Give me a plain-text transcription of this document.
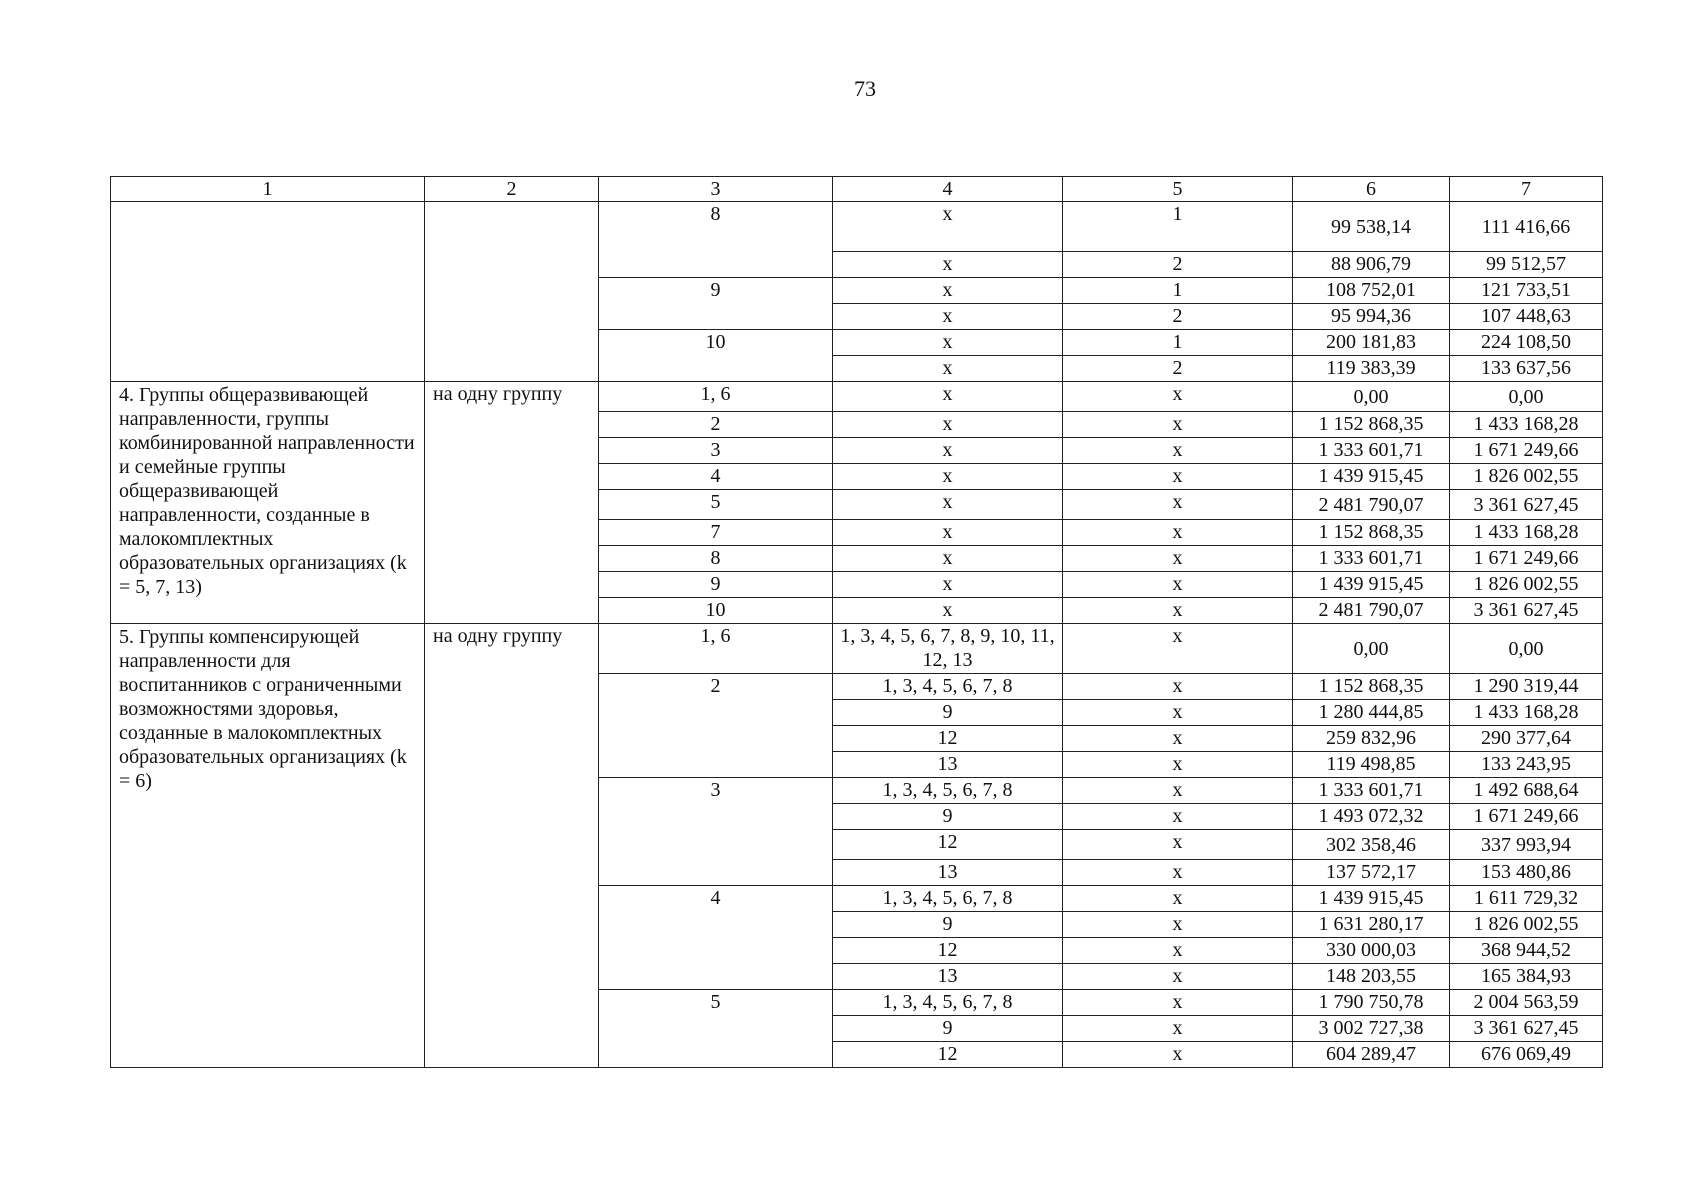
73
1	2	3	4	5	6	7
		8	х	1	99 538,14	111 416,66
			х	2	88 906,79	99 512,57
		9	х	1	108 752,01	121 733,51
			х	2	95 994,36	107 448,63
		10	х	1	200 181,83	224 108,50
			х	2	119 383,39	133 637,56
4. Группы общеразвивающей направленности, группы комбинированной направленности и семейные группы общеразвивающей направленности, созданные в малокомплектных образовательных организациях (k = 5, 7, 13)	на одну группу	1, 6	х	х	0,00	0,00
		2	х	х	1 152 868,35	1 433 168,28
		3	х	х	1 333 601,71	1 671 249,66
		4	х	х	1 439 915,45	1 826 002,55
		5	х	х	2 481 790,07	3 361 627,45
		7	х	х	1 152 868,35	1 433 168,28
		8	х	х	1 333 601,71	1 671 249,66
		9	х	х	1 439 915,45	1 826 002,55
		10	х	х	2 481 790,07	3 361 627,45
5. Группы компенсирующей направленности для воспитанников с ограниченными возможностями здоровья, созданные в малокомплектных образовательных организациях (k = 6)	на одну группу	1, 6	1, 3, 4, 5, 6, 7, 8, 9, 10, 11, 12, 13	х	0,00	0,00
		2	1, 3, 4, 5, 6, 7, 8	х	1 152 868,35	1 290 319,44
			9	х	1 280 444,85	1 433 168,28
			12	х	259 832,96	290 377,64
			13	х	119 498,85	133 243,95
		3	1, 3, 4, 5, 6, 7, 8	х	1 333 601,71	1 492 688,64
			9	х	1 493 072,32	1 671 249,66
			12	х	302 358,46	337 993,94
			13	х	137 572,17	153 480,86
		4	1, 3, 4, 5, 6, 7, 8	х	1 439 915,45	1 611 729,32
			9	х	1 631 280,17	1 826 002,55
			12	х	330 000,03	368 944,52
			13	х	148 203,55	165 384,93
		5	1, 3, 4, 5, 6, 7, 8	х	1 790 750,78	2 004 563,59
			9	х	3 002 727,38	3 361 627,45
			12	х	604 289,47	676 069,49
